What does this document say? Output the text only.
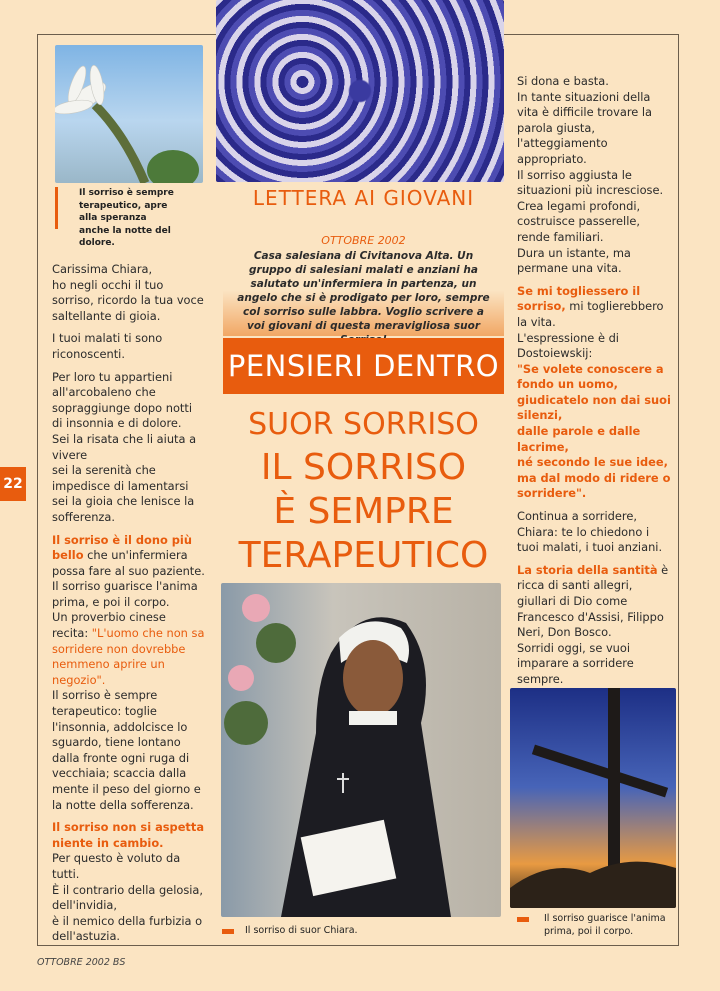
Il sorriso è sempre
terapeutico, apre
alla speranza
anche la notte del dolore.
LETTERA AI GIOVANI
OTTOBRE 2002
Casa salesiana di Civitanova Alta. Un gruppo di salesiani malati e anziani ha salutato un'infermiera in partenza, un angelo che si è prodigato per loro, sempre col sorriso sulle labbra. Voglio scrivere a voi giovani di questa meravigliosa suor
PENSIERI DENTRO
SUOR SORRISO
IL SORRISO
È SEMPRE
TERAPEUTICO
22

Carissima Chiara,
ho negli occhi il tuo sorriso, ricordo la tua voce saltellante di gioia.

I tuoi malati ti sono riconoscenti.

Per loro tu appartieni all'arcobaleno che sopraggiunge dopo notti di insonnia e di dolore.
Sei la risata che li aiuta a vivere
sei la serenità che impedisce di lamentarsi
sei la gioia che lenisce la sofferenza.

Il sorriso è il dono più bello che un'infermiera possa fare al suo paziente.
Il sorriso guarisce l'anima prima, e poi il corpo.
Un proverbio cinese recita: "L'uomo che non sa sorridere non dovrebbe nemmeno aprire un negozio".
Il sorriso è sempre terapeutico: toglie l'insonnia, addolcisce lo sguardo, tiene lontano dalla fronte ogni ruga di vecchiaia; scaccia dalla mente il peso del giorno e la notte della sofferenza.

Il sorriso non si aspetta niente in cambio.
Per questo è voluto da tutti.
È il contrario della gelosia, dell'invidia,
è il nemico della furbizia o dell'astuzia.	Il sorriso di suor Chiara.

Si dona e basta.
In tante situazioni della vita è difficile trovare la parola giusta, l'atteggiamento appropriato.
Il sorriso aggiusta le situazioni più incresciose.
Crea legami profondi, costruisce passerelle, rende familiari.
Dura un istante, ma permane una vita.

Se mi togliessero il sorriso, mi toglierebbero la vita.
L'espressione è di Dostoiewskij:
"Se volete conoscere a fondo un uomo,
giudicatelo non dai suoi silenzi,
dalle parole e dalle lacrime,
né secondo le sue idee,
ma dal modo di ridere o sorridere".

Continua a sorridere, Chiara: te lo chiedono i tuoi malati, i tuoi anziani.

La storia della santità è ricca di santi allegri, giullari di Dio come Francesco d'Assisi, Filippo Neri, Don Bosco.
Sorridi oggi, se vuoi imparare a sorridere sempre.

Il sorriso guarisce l'anima
prima, poi il corpo.
OTTOBRE 2002 BS
